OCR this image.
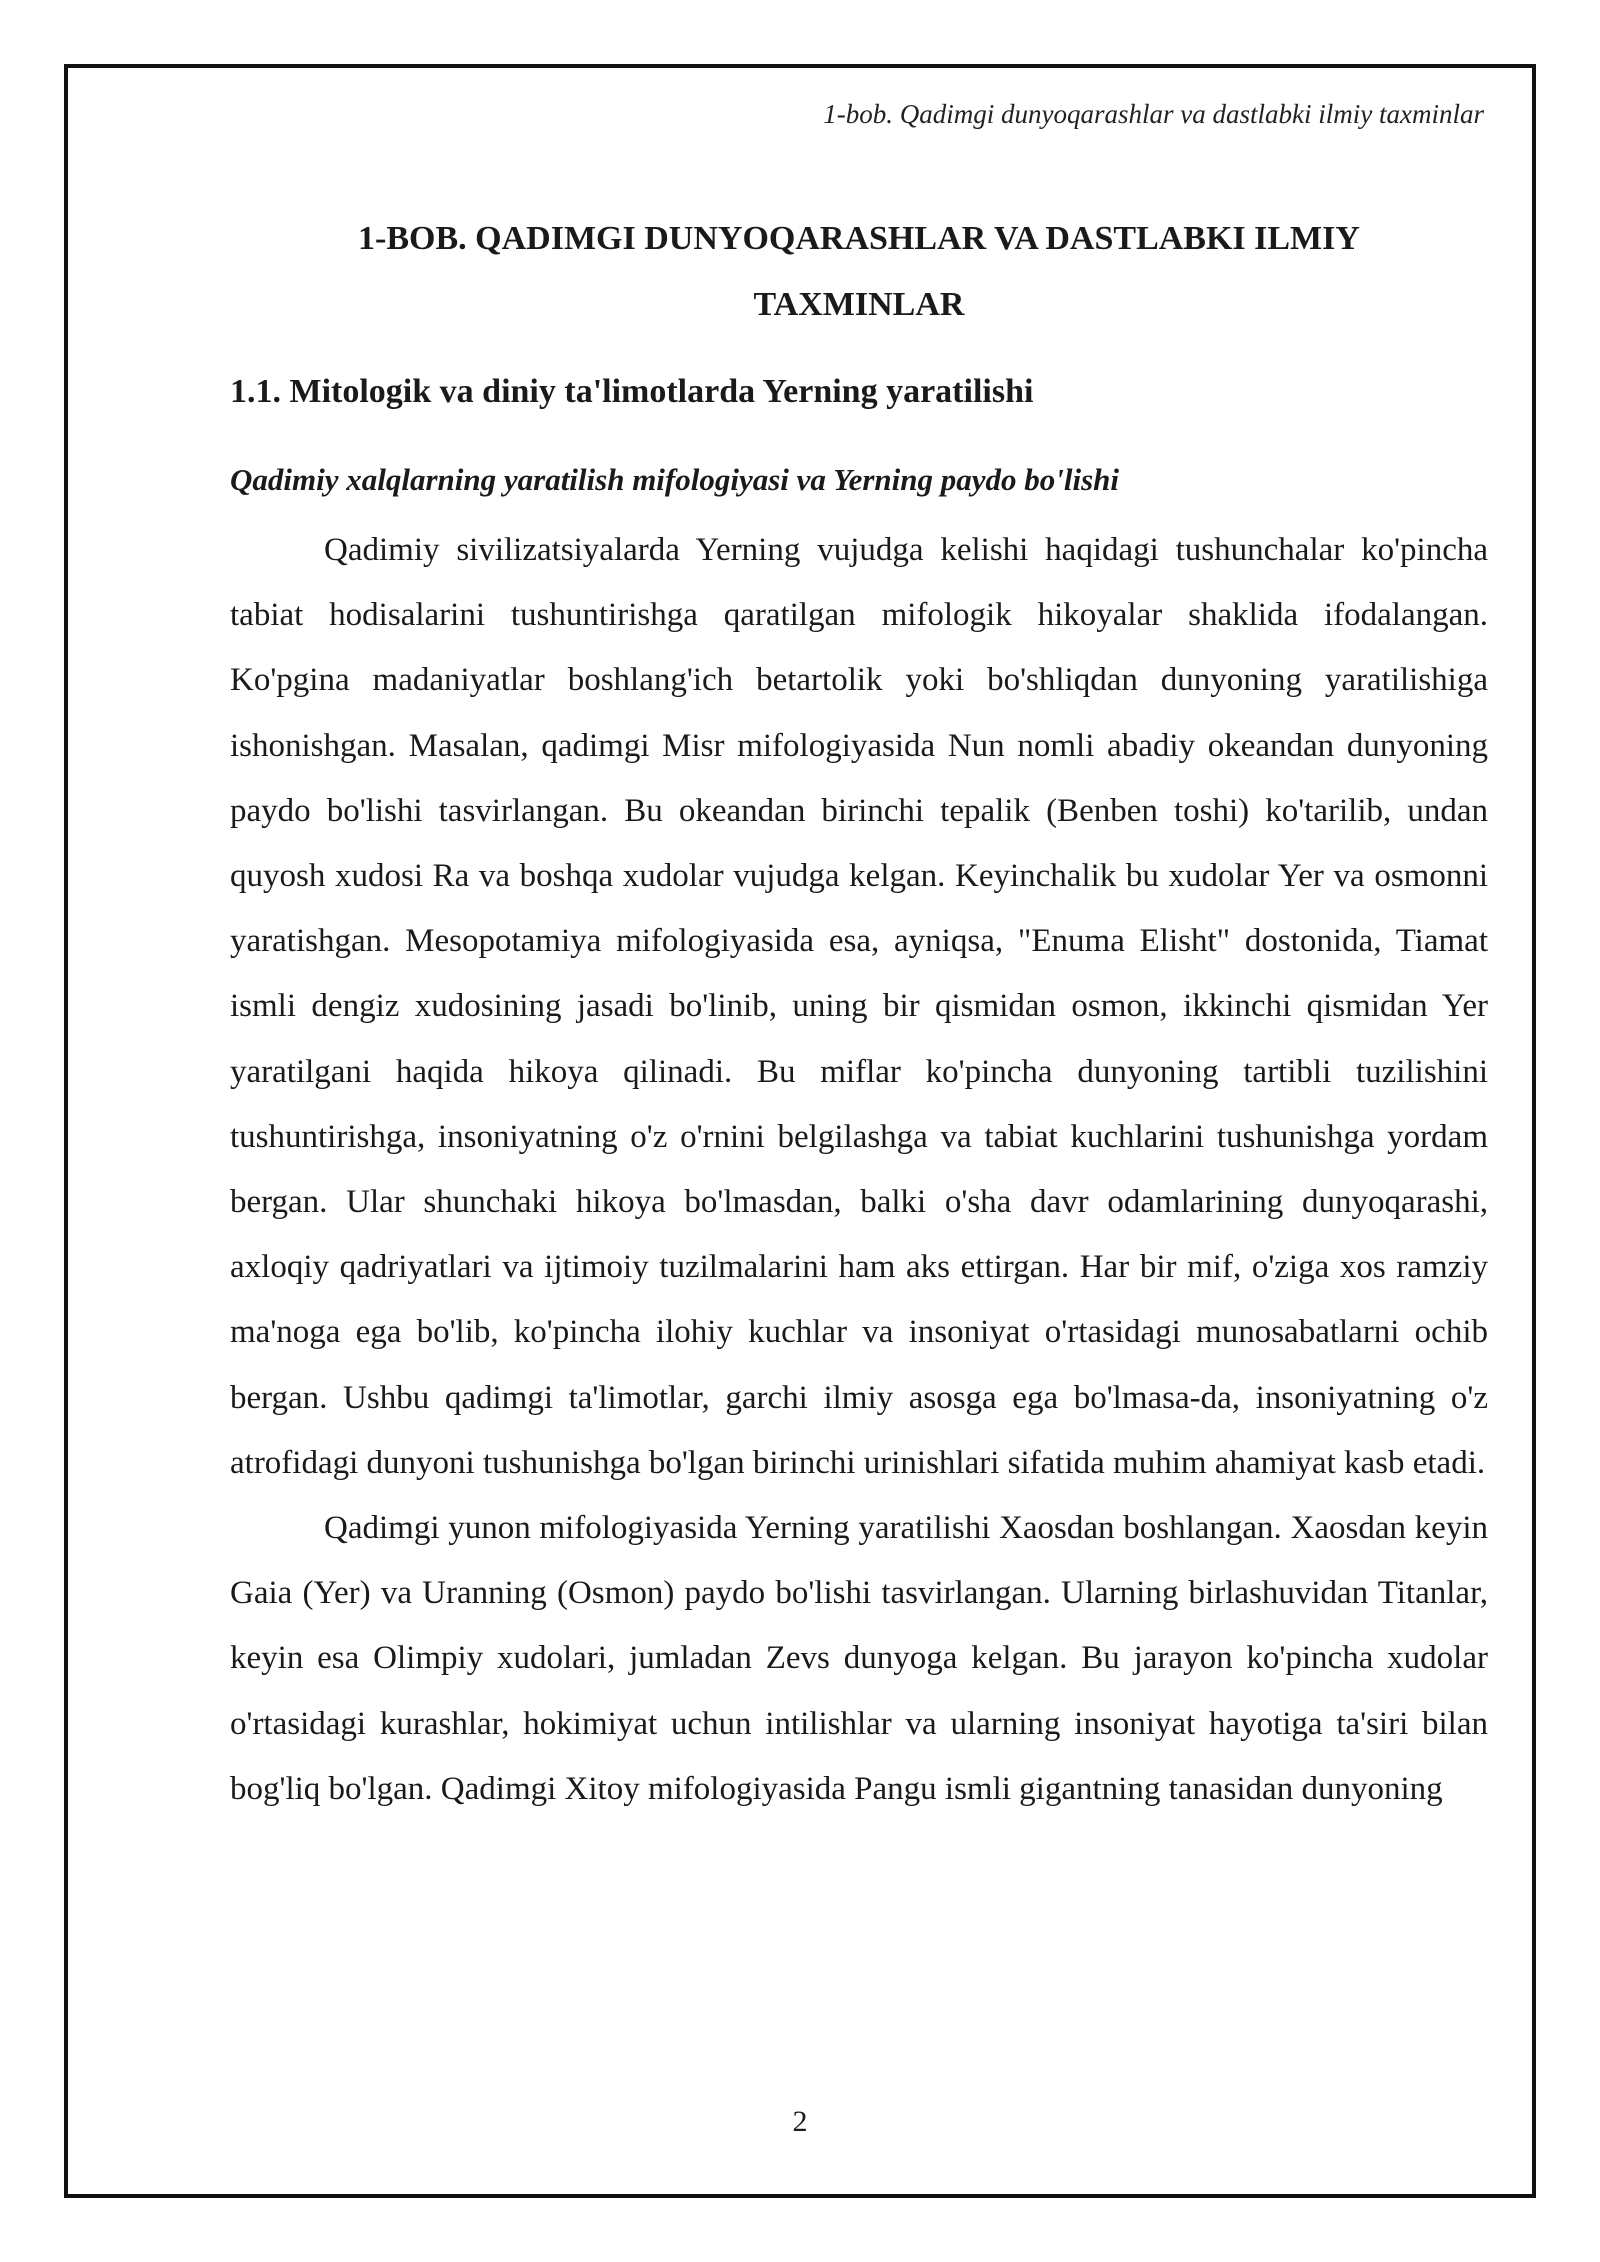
1-bob. Qadimgi dunyoqarashlar va dastlabki ilmiy taxminlar
1-BOB. QADIMGI DUNYOQARASHLAR VA DASTLABKI ILMIY TAXMINLAR
1.1. Mitologik va diniy ta'limotlarda Yerning yaratilishi
Qadimiy xalqlarning yaratilish mifologiyasi va Yerning paydo bo'lishi

Qadimiy sivilizatsiyalarda Yerning vujudga kelishi haqidagi tushunchalar ko'pincha tabiat hodisalarini tushuntirishga qaratilgan mifologik hikoyalar shaklida ifodalangan. Ko'pgina madaniyatlar boshlang'ich betartolik yoki bo'shliqdan dunyoning yaratilishiga ishonishgan. Masalan, qadimgi Misr mifologiyasida Nun nomli abadiy okeandan dunyoning paydo bo'lishi tasvirlangan. Bu okeandan birinchi tepalik (Benben toshi) ko'tarilib, undan quyosh xudosi Ra va boshqa xudolar vujudga kelgan. Keyinchalik bu xudolar Yer va osmonni yaratishgan. Mesopotamiya mifologiyasida esa, ayniqsa, "Enuma Elisht" dostonida, Tiamat ismli dengiz xudosining jasadi bo'linib, uning bir qismidan osmon, ikkinchi qismidan Yer yaratilgani haqida hikoya qilinadi. Bu miflar ko'pincha dunyoning tartibli tuzilishini tushuntirishga, insoniyatning o'z o'rnini belgilashga va tabiat kuchlarini tushunishga yordam bergan. Ular shunchaki hikoya bo'lmasdan, balki o'sha davr odamlarining dunyoqarashi, axloqiy qadriyatlari va ijtimoiy tuzilmalarini ham aks ettirgan. Har bir mif, o'ziga xos ramziy ma'noga ega bo'lib, ko'pincha ilohiy kuchlar va insoniyat o'rtasidagi munosabatlarni ochib bergan. Ushbu qadimgi ta'limotlar, garchi ilmiy asosga ega bo'lmasa-da, insoniyatning o'z atrofidagi dunyoni tushunishga bo'lgan birinchi urinishlari sifatida muhim ahamiyat kasb etadi.

Qadimgi yunon mifologiyasida Yerning yaratilishi Xaosdan boshlangan. Xaosdan keyin Gaia (Yer) va Uranning (Osmon) paydo bo'lishi tasvirlangan. Ularning birlashuvidan Titanlar, keyin esa Olimpiy xudolari, jumladan Zevs dunyoga kelgan. Bu jarayon ko'pincha xudolar o'rtasidagi kurashlar, hokimiyat uchun intilishlar va ularning insoniyat hayotiga ta'siri bilan bog'liq bo'lgan. Qadimgi Xitoy mifologiyasida Pangu ismli gigantning tanasidan dunyoning

2
